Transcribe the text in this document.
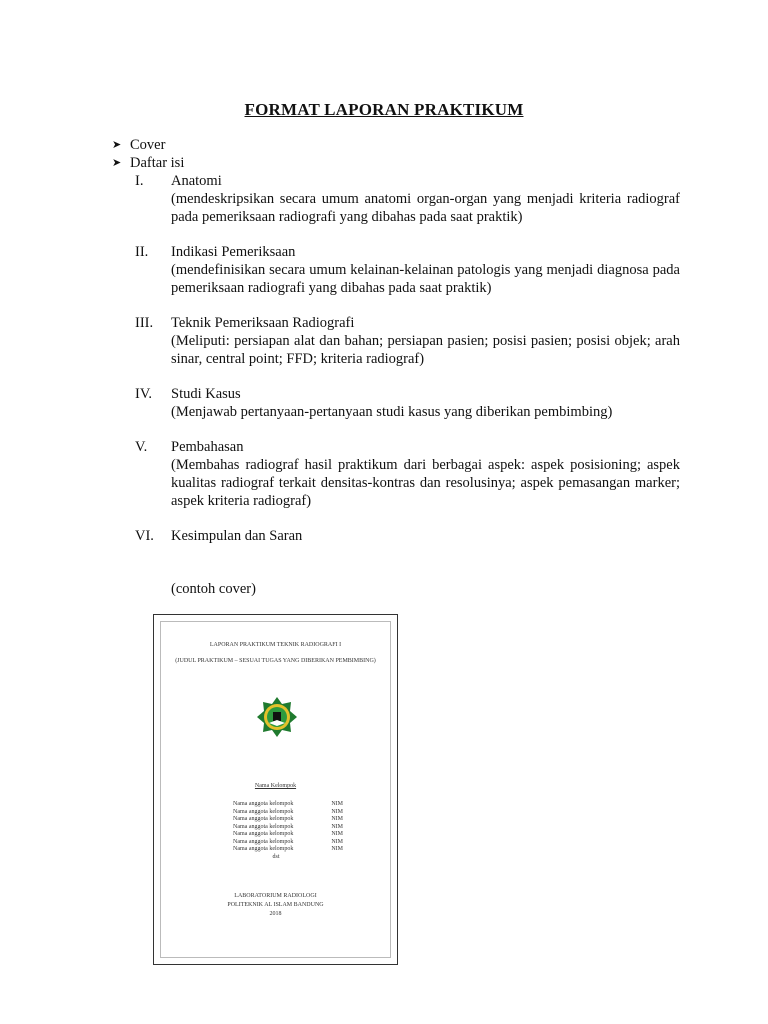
FORMAT LAPORAN PRAKTIKUM
➤ Cover
➤ Daftar isi
I. Anatomi
(mendeskripsikan secara umum anatomi organ-organ yang menjadi kriteria radiograf pada pemeriksaan radiografi yang dibahas pada saat praktik)
II. Indikasi Pemeriksaan
(mendefinisikan secara umum kelainan-kelainan patologis yang menjadi diagnosa pada pemeriksaan radiografi yang dibahas pada saat praktik)
III. Teknik Pemeriksaan Radiografi
(Meliputi: persiapan alat dan bahan; persiapan pasien; posisi pasien; posisi objek; arah sinar, central point; FFD; kriteria radiograf)
IV. Studi Kasus
(Menjawab pertanyaan-pertanyaan studi kasus yang diberikan pembimbing)
V. Pembahasan
(Membahas radiograf hasil praktikum dari berbagai aspek: aspek posisioning; aspek kualitas radiograf terkait densitas-kontras dan resolusinya; aspek pemasangan marker; aspek kriteria radiograf)
VI. Kesimpulan dan Saran
(contoh cover)
LAPORAN PRAKTIKUM TEKNIK RADIOGRAFI I
(JUDUL PRAKTIKUM – SESUAI TUGAS YANG DIBERIKAN PEMBIMBING)
Nama Kelompok
Nama anggota kelompok	NIM
Nama anggota kelompok	NIM
Nama anggota kelompok	NIM
Nama anggota kelompok	NIM
Nama anggota kelompok	NIM
Nama anggota kelompok	NIM
Nama anggota kelompok	NIM
dst
LABORATORIUM RADIOLOGI
POLITEKNIK AL ISLAM BANDUNG
2018
